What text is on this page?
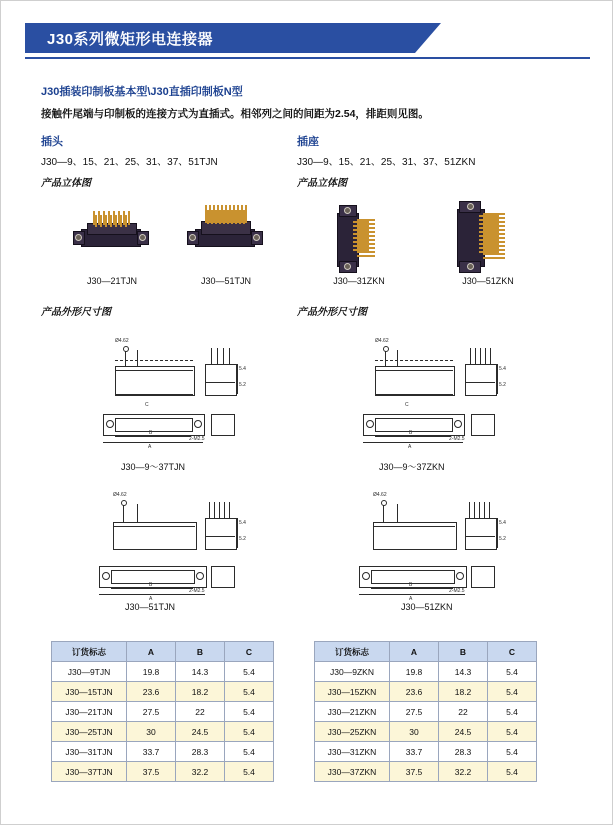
J30系列微矩形电连接器
J30插装印制板基本型\J30直插印制板N型
接触件尾端与印制板的连接方式为直插式。相邻列之间的间距为2.54，排距则见图。
插头
J30—9、15、21、25、31、37、51TJN
产品立体图
插座
J30—9、15、21、25、31、37、51ZKN
产品立体图
J30—21TJN	J30—51TJN	J30—31ZKN	J30—51ZKN
产品外形尺寸图	产品外形尺寸图
Ø4.62
5.4
5.2
A
B
C
2-M2.5
J30—9～37TJN
Ø4.62
5.4
5.2
A
B
C
2-M2.5
J30—9～37ZKN
Ø4.62
5.4
5.2
A
B
2-M2.5
J30—51TJN
Ø4.62
5.4
5.2
A
B
2-M2.5
J30—51ZKN
订货标志	A	B	C
J30—9TJN	19.8	14.3	5.4
J30—15TJN	23.6	18.2	5.4
J30—21TJN	27.5	22	5.4
J30—25TJN	30	24.5	5.4
J30—31TJN	33.7	28.3	5.4
J30—37TJN	37.5	32.2	5.4
订货标志	A	B	C
J30—9ZKN	19.8	14.3	5.4
J30—15ZKN	23.6	18.2	5.4
J30—21ZKN	27.5	22	5.4
J30—25ZKN	30	24.5	5.4
J30—31ZKN	33.7	28.3	5.4
J30—37ZKN	37.5	32.2	5.4
